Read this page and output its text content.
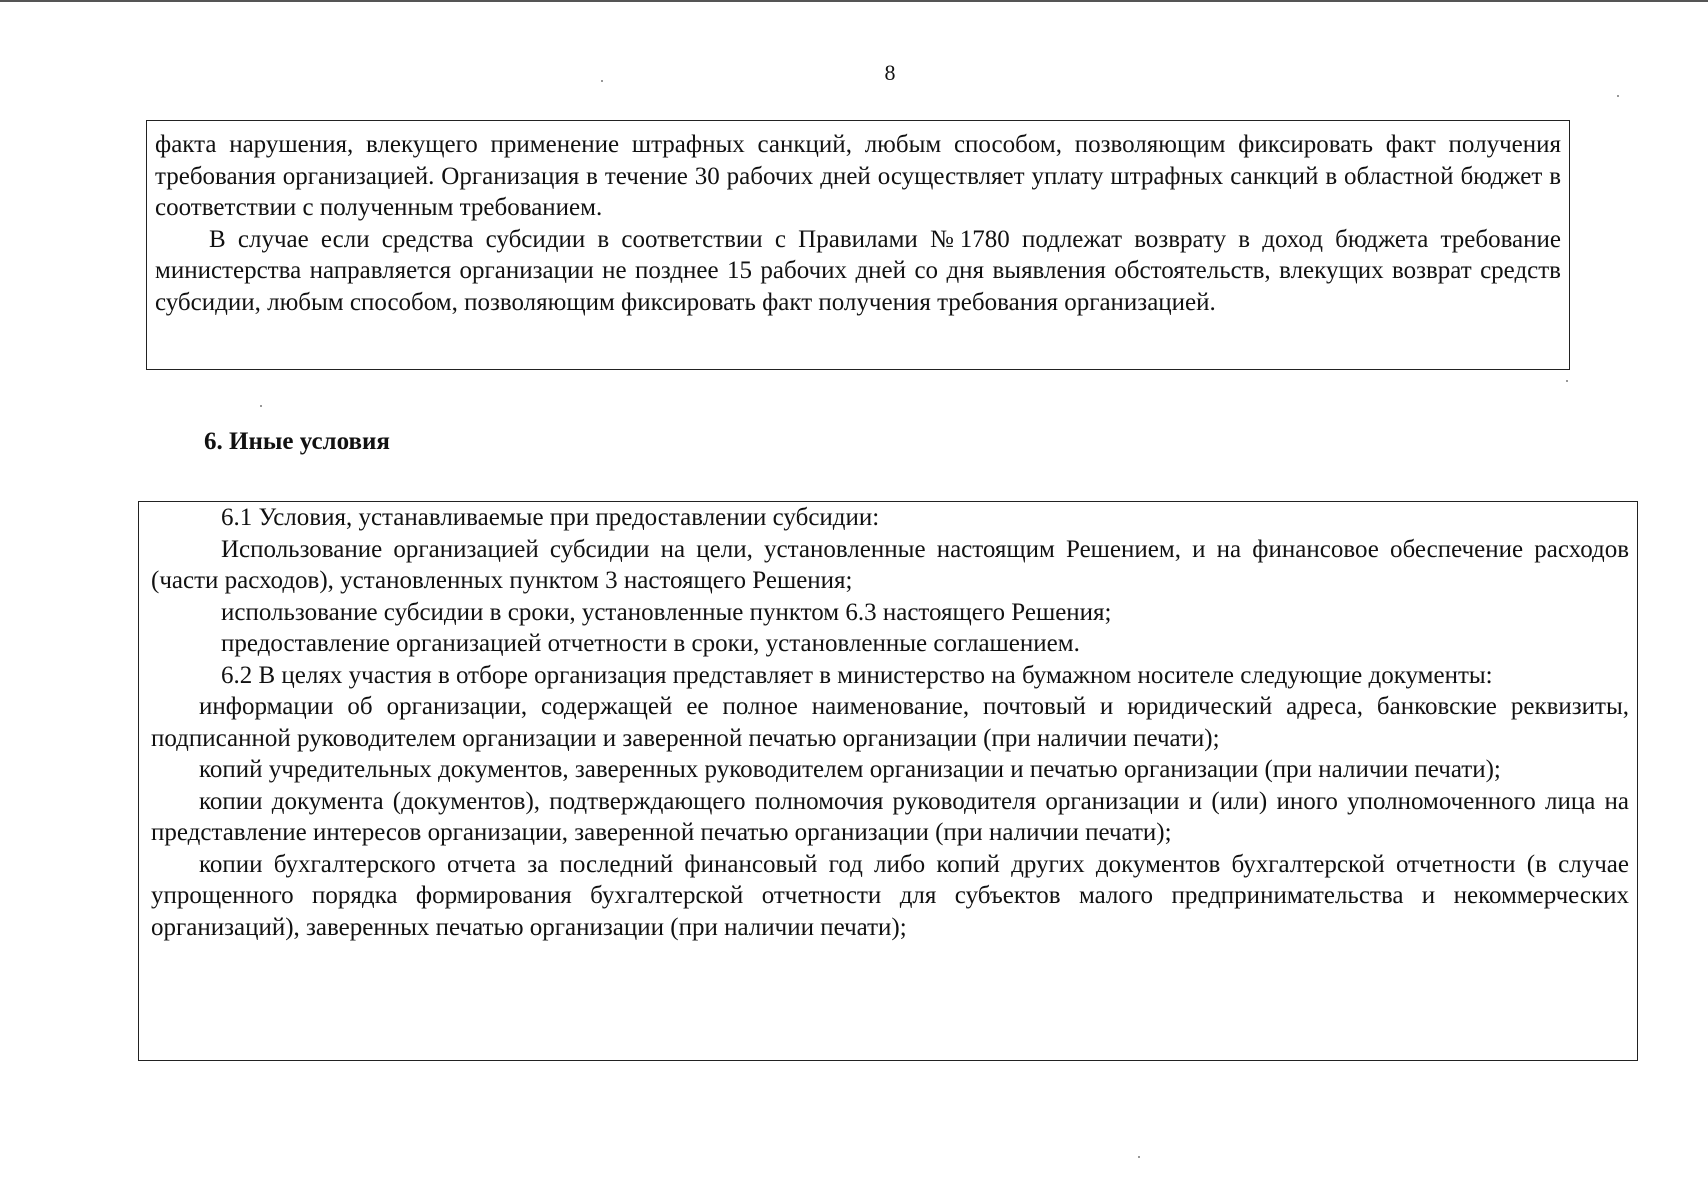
8

факта нарушения, влекущего применение штрафных санкций, любым способом, позволяющим фиксировать факт получения требования организацией. Организация в течение 30 рабочих дней осуществляет уплату штрафных санкций в областной бюджет в соответствии с полученным требованием.

В случае если средства субсидии в соответствии с Правилами №1780 подлежат возврату в доход бюджета требование министерства направляется организации не позднее 15 рабочих дней со дня выявления обстоятельств, влекущих возврат средств субсидии, любым способом, позволяющим фиксировать факт получения требования организацией.

6. Иные условия

6.1 Условия, устанавливаемые при предоставлении субсидии:

Использование организацией субсидии на цели, установленные настоящим Решением, и на финансовое обеспечение расходов (части расходов), установленных пунктом 3 настоящего Решения;

использование субсидии в сроки, установленные пунктом 6.3 настоящего Решения;

предоставление организацией отчетности в сроки, установленные соглашением.

6.2 В целях участия в отборе организация представляет в министерство на бумажном носителе следующие документы:

информации об организации, содержащей ее полное наименование, почтовый и юридический адреса, банковские реквизиты, подписанной руководителем организации и заверенной печатью организации (при наличии печати);

копий учредительных документов, заверенных руководителем организации и печатью организации (при наличии печати);

копии документа (документов), подтверждающего полномочия руководителя организации и (или) иного уполномоченного лица на представление интересов организации, заверенной печатью организации (при наличии печати);

копии бухгалтерского отчета за последний финансовый год либо копий других документов бухгалтерской отчетности (в случае упрощенного порядка формирования бухгалтерской отчетности для субъектов малого предпринимательства и некоммерческих организаций), заверенных печатью организации (при наличии печати);
